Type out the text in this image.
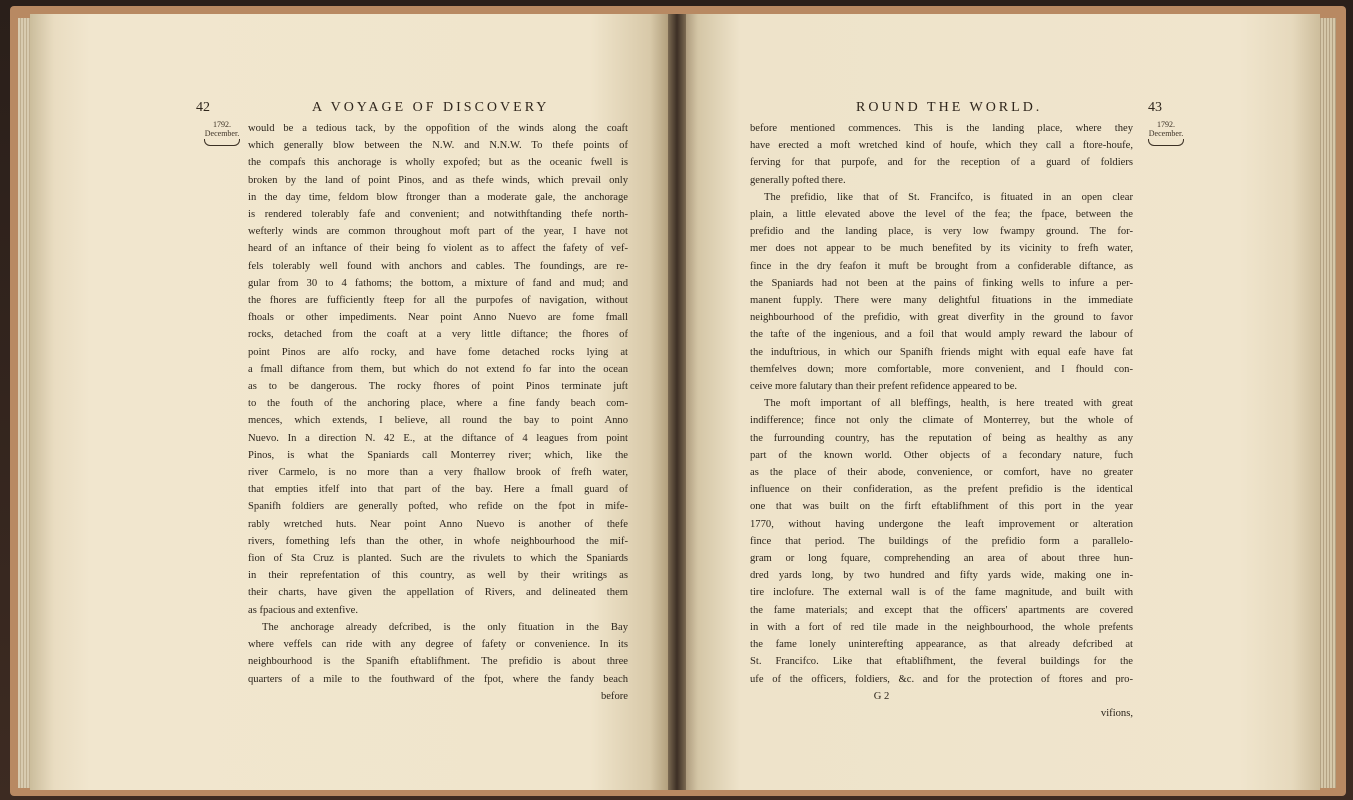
42	A VOYAGE OF DISCOVERY
1792.
December.
ROUND THE WORLD.	43
1792.
December.
would be a tedious tack, by the oppofition of the winds along the coaft
which generally blow between the N.W. and N.N.W. To thefe points of
the compafs this anchorage is wholly expofed; but as the oceanic fwell is
broken by the land of point Pinos, and as thefe winds, which prevail only
in the day time, feldom blow ftronger than a moderate gale, the anchorage
is rendered tolerably fafe and convenient; and notwithftanding thefe north-
wefterly winds are common throughout moft part of the year, I have not
heard of an inftance of their being fo violent as to affect the fafety of vef-
fels tolerably well found with anchors and cables. The foundings, are re-
gular from 30 to 4 fathoms; the bottom, a mixture of fand and mud; and
the fhores are fufficiently fteep for all the purpofes of navigation, without
fhoals or other impediments. Near point Anno Nuevo are fome fmall
rocks, detached from the coaft at a very little diftance; the fhores of
point Pinos are alfo rocky, and have fome detached rocks lying at
a fmall diftance from them, but which do not extend fo far into the ocean
as to be dangerous. The rocky fhores of point Pinos terminate juft
to the fouth of the anchoring place, where a fine fandy beach com-
mences, which extends, I believe, all round the bay to point Anno
Nuevo. In a direction N. 42 E., at the diftance of 4 leagues from point
Pinos, is what the Spaniards call Monterrey river; which, like the
river Carmelo, is no more than a very fhallow brook of frefh water,
that empties itfelf into that part of the bay. Here a fmall guard of
Spanifh foldiers are generally pofted, who refide on the fpot in mife-
rably wretched huts. Near point Anno Nuevo is another of thefe
rivers, fomething lefs than the other, in whofe neighbourhood the mif-
fion of Sta Cruz is planted. Such are the rivulets to which the Spaniards
in their reprefentation of this country, as well by their writings as
their charts, have given the appellation of Rivers, and delineated them
as fpacious and extenfive.
The anchorage already defcribed, is the only fituation in the Bay
where veffels can ride with any degree of fafety or convenience. In its
neighbourhood is the Spanifh eftablifhment. The prefidio is about three
quarters of a mile to the fouthward of the fpot, where the fandy beach
before
before mentioned commences. This is the landing place, where they
have erected a moft wretched kind of houfe, which they call a ftore-houfe,
ferving for that purpofe, and for the reception of a guard of foldiers
generally pofted there.
The prefidio, like that of St. Francifco, is fituated in an open clear
plain, a little elevated above the level of the fea; the fpace, between the
prefidio and the landing place, is very low fwampy ground. The for-
mer does not appear to be much benefited by its vicinity to frefh water,
fince in the dry feafon it muft be brought from a confiderable diftance, as
the Spaniards had not been at the pains of finking wells to infure a per-
manent fupply. There were many delightful fituations in the immediate
neighbourhood of the prefidio, with great diverfity in the ground to favor
the tafte of the ingenious, and a foil that would amply reward the labour of
the induftrious, in which our Spanifh friends might with equal eafe have fat
themfelves down; more comfortable, more convenient, and I fhould con-
ceive more falutary than their prefent refidence appeared to be.
The moft important of all bleffings, health, is here treated with great
indifference; fince not only the climate of Monterrey, but the whole of
the furrounding country, has the reputation of being as healthy as any
part of the known world. Other objects of a fecondary nature, fuch
as the place of their abode, convenience, or comfort, have no greater
influence on their confideration, as the prefent prefidio is the identical
one that was built on the firft eftablifhment of this port in the year
1770, without having undergone the leaft improvement or alteration
fince that period. The buildings of the prefidio form a parallelo-
gram or long fquare, comprehending an area of about three hun-
dred yards long, by two hundred and fifty yards wide, making one in-
tire inclofure. The external wall is of the fame magnitude, and built with
the fame materials; and except that the officers' apartments are covered
in with a fort of red tile made in the neighbourhood, the whole prefents
the fame lonely uninterefting appearance, as that already defcribed at
St. Francifco. Like that eftablifhment, the feveral buildings for the
ufe of the officers, foldiers, &c. and for the protection of ftores and pro-
G 2
vifions,
